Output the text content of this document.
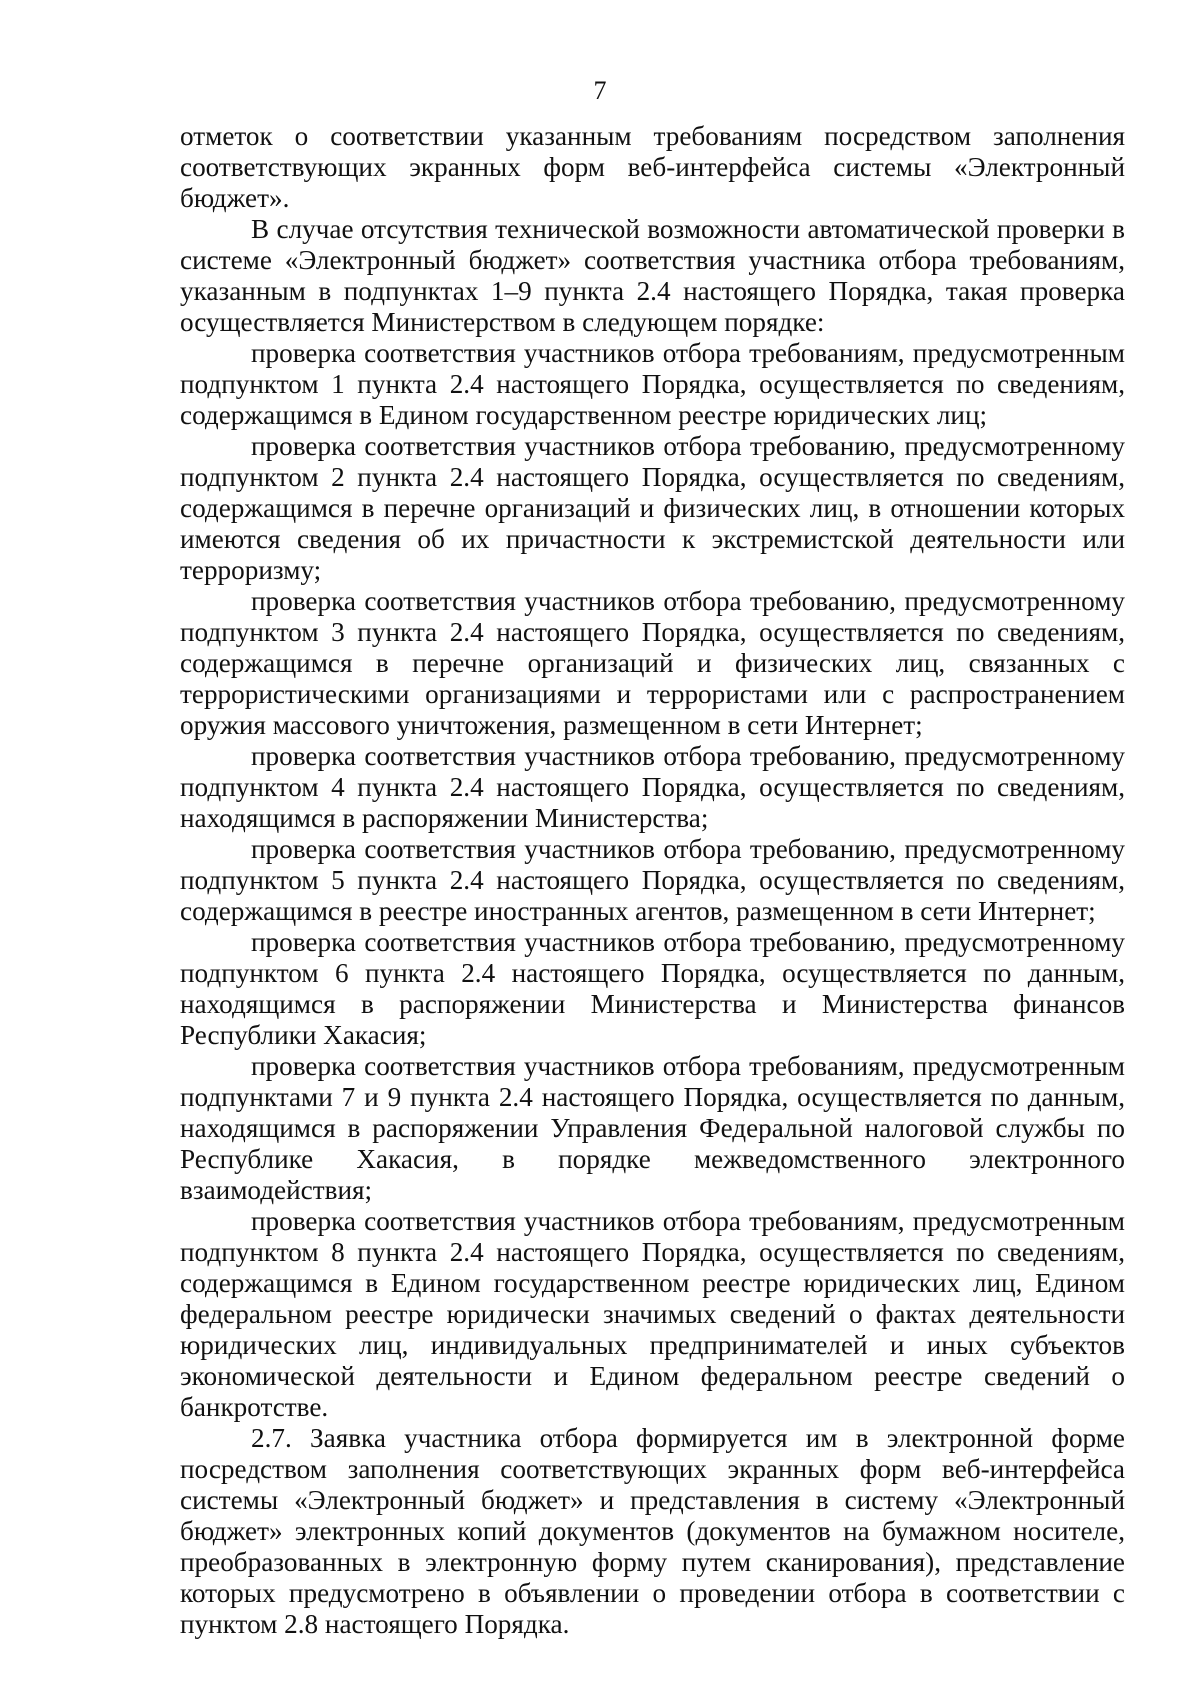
7

отметок о соответствии указанным требованиям посредством заполнения соответствующих экранных форм веб-интерфейса системы «Электронный бюджет».

В случае отсутствия технической возможности автоматической проверки в системе «Электронный бюджет» соответствия участника отбора требованиям, указанным в подпунктах 1–9 пункта 2.4 настоящего Порядка, такая проверка осуществляется Министерством в следующем порядке:

проверка соответствия участников отбора требованиям, предусмотренным подпунктом 1 пункта 2.4 настоящего Порядка, осуществляется по сведениям, содержащимся в Едином государственном реестре юридических лиц;

проверка соответствия участников отбора требованию, предусмотренному подпунктом 2 пункта 2.4 настоящего Порядка, осуществляется по сведениям, содержащимся в перечне организаций и физических лиц, в отношении которых имеются сведения об их причастности к экстремистской деятельности или терроризму;

проверка соответствия участников отбора требованию, предусмотренному подпунктом 3 пункта 2.4 настоящего Порядка, осуществляется по сведениям, содержащимся в перечне организаций и физических лиц, связанных с террористическими организациями и террористами или с распространением оружия массового уничтожения, размещенном в сети Интернет;

проверка соответствия участников отбора требованию, предусмотренному подпунктом 4 пункта 2.4 настоящего Порядка, осуществляется по сведениям, находящимся в распоряжении Министерства;

проверка соответствия участников отбора требованию, предусмотренному подпунктом 5 пункта 2.4 настоящего Порядка, осуществляется по сведениям, содержащимся в реестре иностранных агентов, размещенном в сети Интернет;

проверка соответствия участников отбора требованию, предусмотренному подпунктом 6 пункта 2.4 настоящего Порядка, осуществляется по данным, находящимся в распоряжении Министерства и Министерства финансов Республики Хакасия;

проверка соответствия участников отбора требованиям, предусмотренным подпунктами 7 и 9 пункта 2.4 настоящего Порядка, осуществляется по данным, находящимся в распоряжении Управления Федеральной налоговой службы по Республике Хакасия, в порядке межведомственного электронного взаимодействия;

проверка соответствия участников отбора требованиям, предусмотренным подпунктом 8 пункта 2.4 настоящего Порядка, осуществляется по сведениям, содержащимся в Едином государственном реестре юридических лиц, Едином федеральном реестре юридически значимых сведений о фактах деятельности юридических лиц, индивидуальных предпринимателей и иных субъектов экономической деятельности и Едином федеральном реестре сведений о банкротстве.

2.7. Заявка участника отбора формируется им в электронной форме посредством заполнения соответствующих экранных форм веб-интерфейса системы «Электронный бюджет» и представления в систему «Электронный бюджет» электронных копий документов (документов на бумажном носителе, преобразованных в электронную форму путем сканирования), представление которых предусмотрено в объявлении о проведении отбора в соответствии с пунктом 2.8 настоящего Порядка.
